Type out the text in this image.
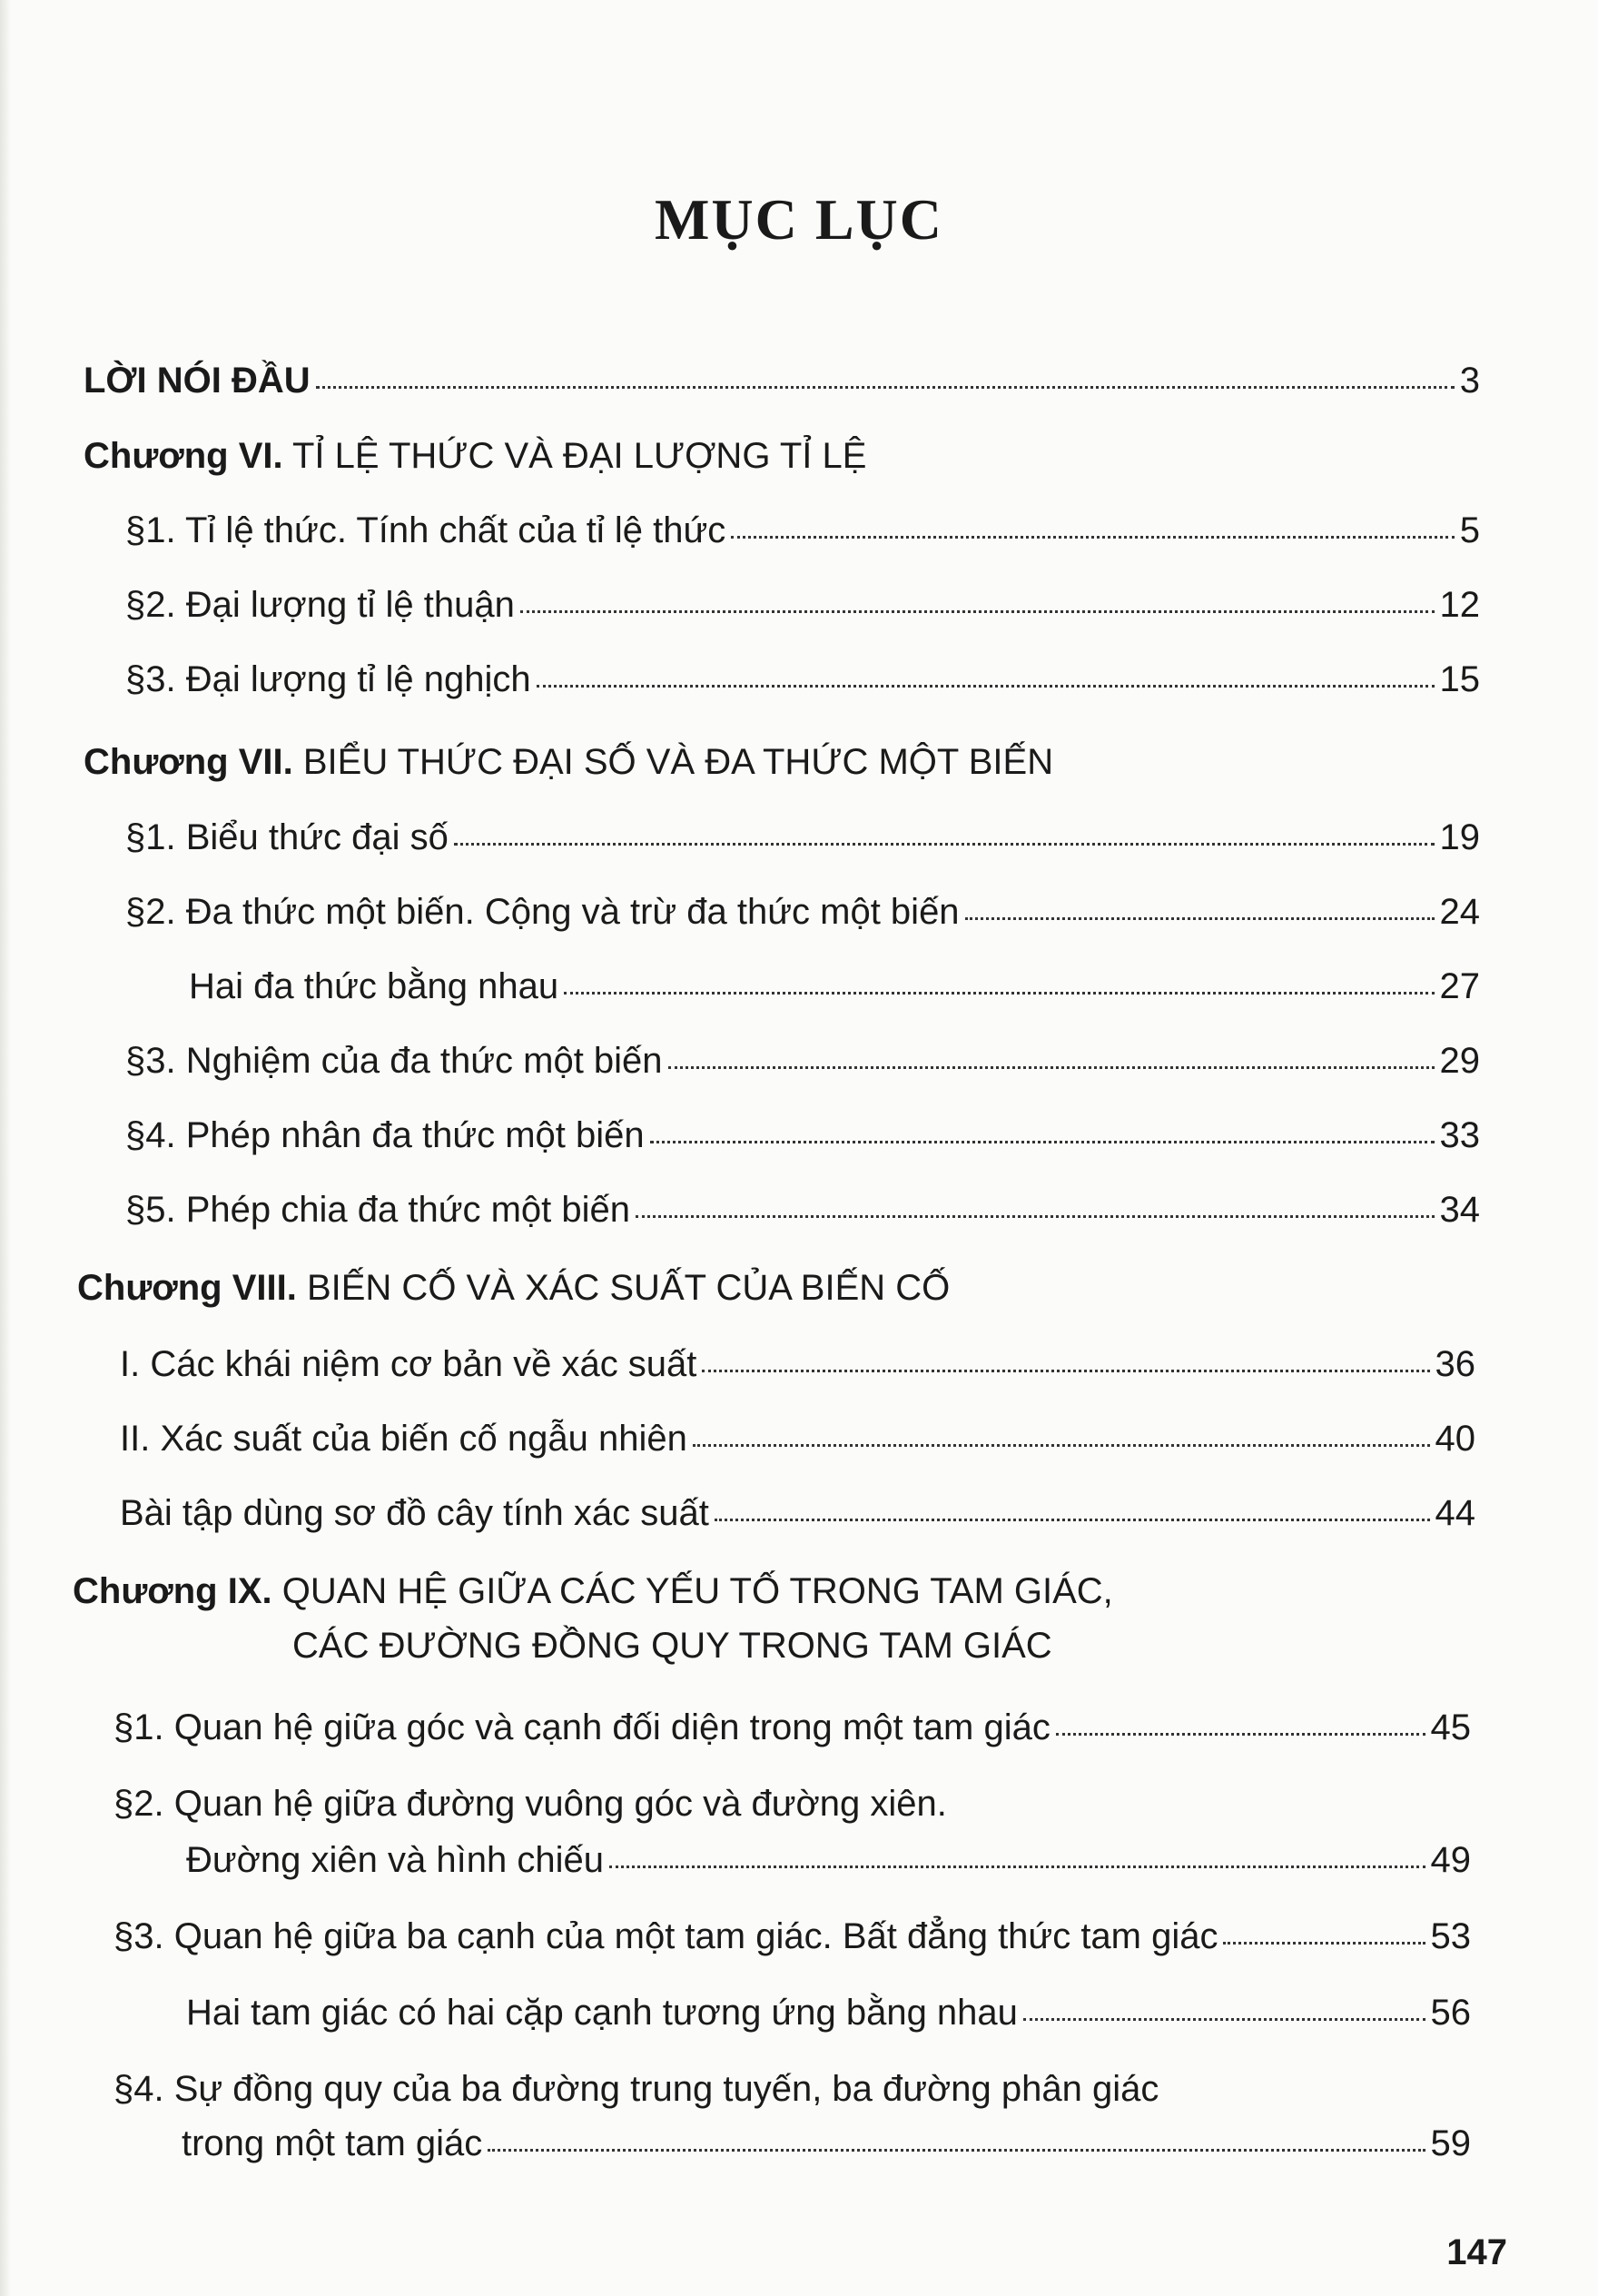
MỤC LỤC
LỜI NÓI ĐẦU	3
Chương VI. TỈ LỆ THỨC VÀ ĐẠI LƯỢNG TỈ LỆ
§1. Tỉ lệ thức. Tính chất của tỉ lệ thức	5
§2. Đại lượng tỉ lệ thuận	12
§3. Đại lượng tỉ lệ nghịch	15
Chương VII. BIỂU THỨC ĐẠI SỐ VÀ ĐA THỨC MỘT BIẾN
§1. Biểu thức đại số	19
§2. Đa thức một biến. Cộng và trừ đa thức một biến	24
Hai đa thức bằng nhau	27
§3. Nghiệm của đa thức một biến	29
§4. Phép nhân đa thức một biến	33
§5. Phép chia đa thức một biến	34
Chương VIII. BIẾN CỐ VÀ XÁC SUẤT CỦA BIẾN CỐ
I. Các khái niệm cơ bản về xác suất	36
II. Xác suất của biến cố ngẫu nhiên	40
Bài tập dùng sơ đồ cây tính xác suất	44
Chương IX. QUAN HỆ GIỮA CÁC YẾU TỐ TRONG TAM GIÁC,
CÁC ĐƯỜNG ĐỒNG QUY TRONG TAM GIÁC
§1. Quan hệ giữa góc và cạnh đối diện trong một tam giác	45
§2. Quan hệ giữa đường vuông góc và đường xiên.
Đường xiên và hình chiếu	49
§3. Quan hệ giữa ba cạnh của một tam giác. Bất đẳng thức tam giác	53
Hai tam giác có hai cặp cạnh tương ứng bằng nhau	56
§4. Sự đồng quy của ba đường trung tuyến, ba đường phân giác
trong một tam giác	59
147
